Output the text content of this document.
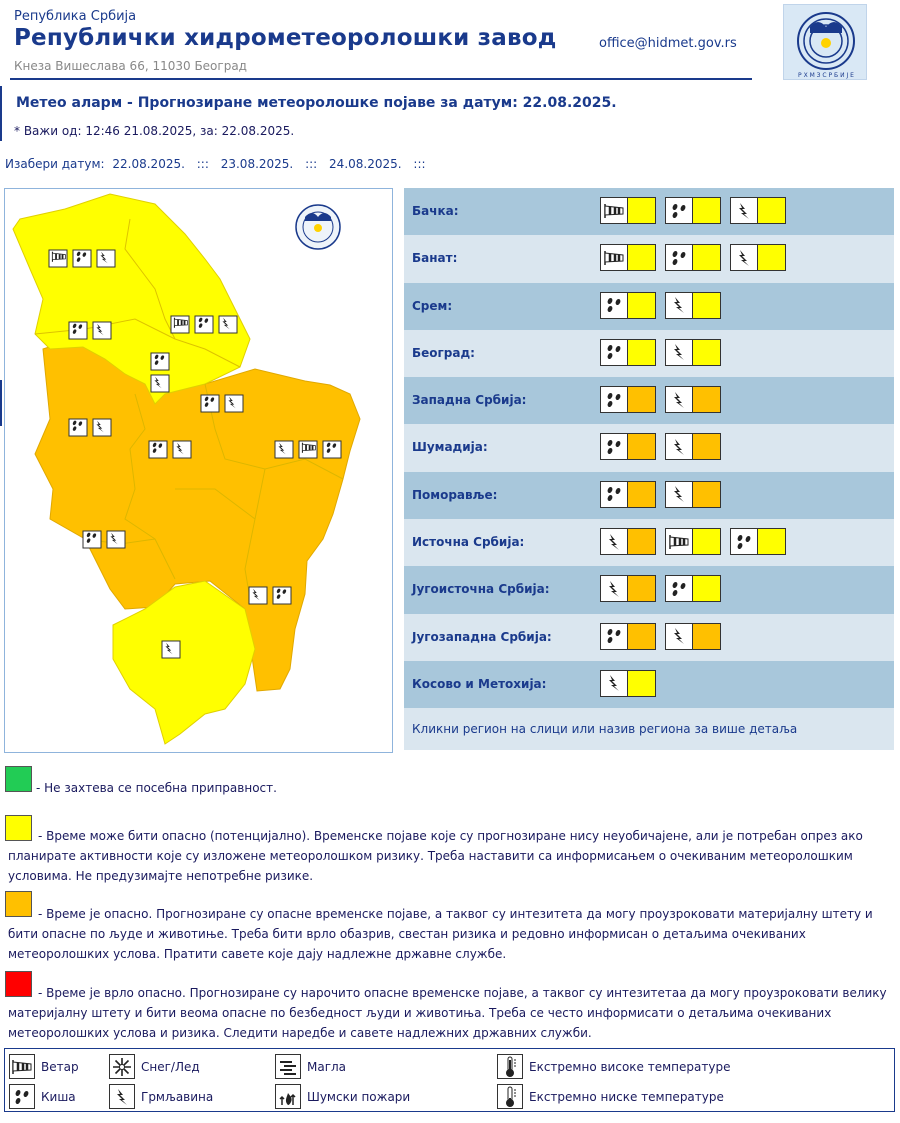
Република Србија
Републички хидрометеоролошки завод
Кнеза Вишеслава 66, 11030 Београд
office@hidmet.gov.rs
Р Х М З С Р Б И Ј Е
Метео аларм - Прогнозиране метеоролошке појаве за датум: 22.08.2025.
* Важи од: 12:46 21.08.2025, за: 22.08.2025.
Изабери датум: 22.08.2025. ::: 23.08.2025. ::: 24.08.2025. :::
Бачка:
Банат:
Срем:
Београд:
Западна Србија:
Шумадија:
Поморавље:
Источна Србија:
Југоисточна Србија:
Југозападна Србија:
Косово и Метохија:
Кликни регион на слици или назив региона за више детаља
- Не захтева се посебна приправност.
- Време може бити опасно (потенцијално). Временске појаве које су прогнозиране нису неуобичајене, али је потребан опрез ако планирате активности које су изложене метеоролошком ризику. Треба наставити са информисањем о очекиваним метеоролошким условима. Не предузимајте непотребне ризике.
- Време је опасно. Прогнозиране су опасне временске појаве, а таквог су интезитета да могу проузроковати материјалну штету и бити опасне по људе и животиње. Треба бити врло обазрив, свестан ризика и редовно информисан о детаљима очекиваних метеоролошких услова. Пратити савете које дају надлежне државне службе.
- Време је врло опасно. Прогнозиране су нарочито опасне временске појаве, а таквог су интезитетаа да могу проузроковати велику материјалну штету и бити веома опасне по безбедност људи и животиња. Треба се често информисати о детаљима очекиваних метеоролошких услова и ризика. Следити наредбе и савете надлежних државних служби.
Ветар	Снег/Лед	Магла	Екстремно високе температуре
Киша	Грмљавина	Шумски пожари	Екстремно ниске температуре
